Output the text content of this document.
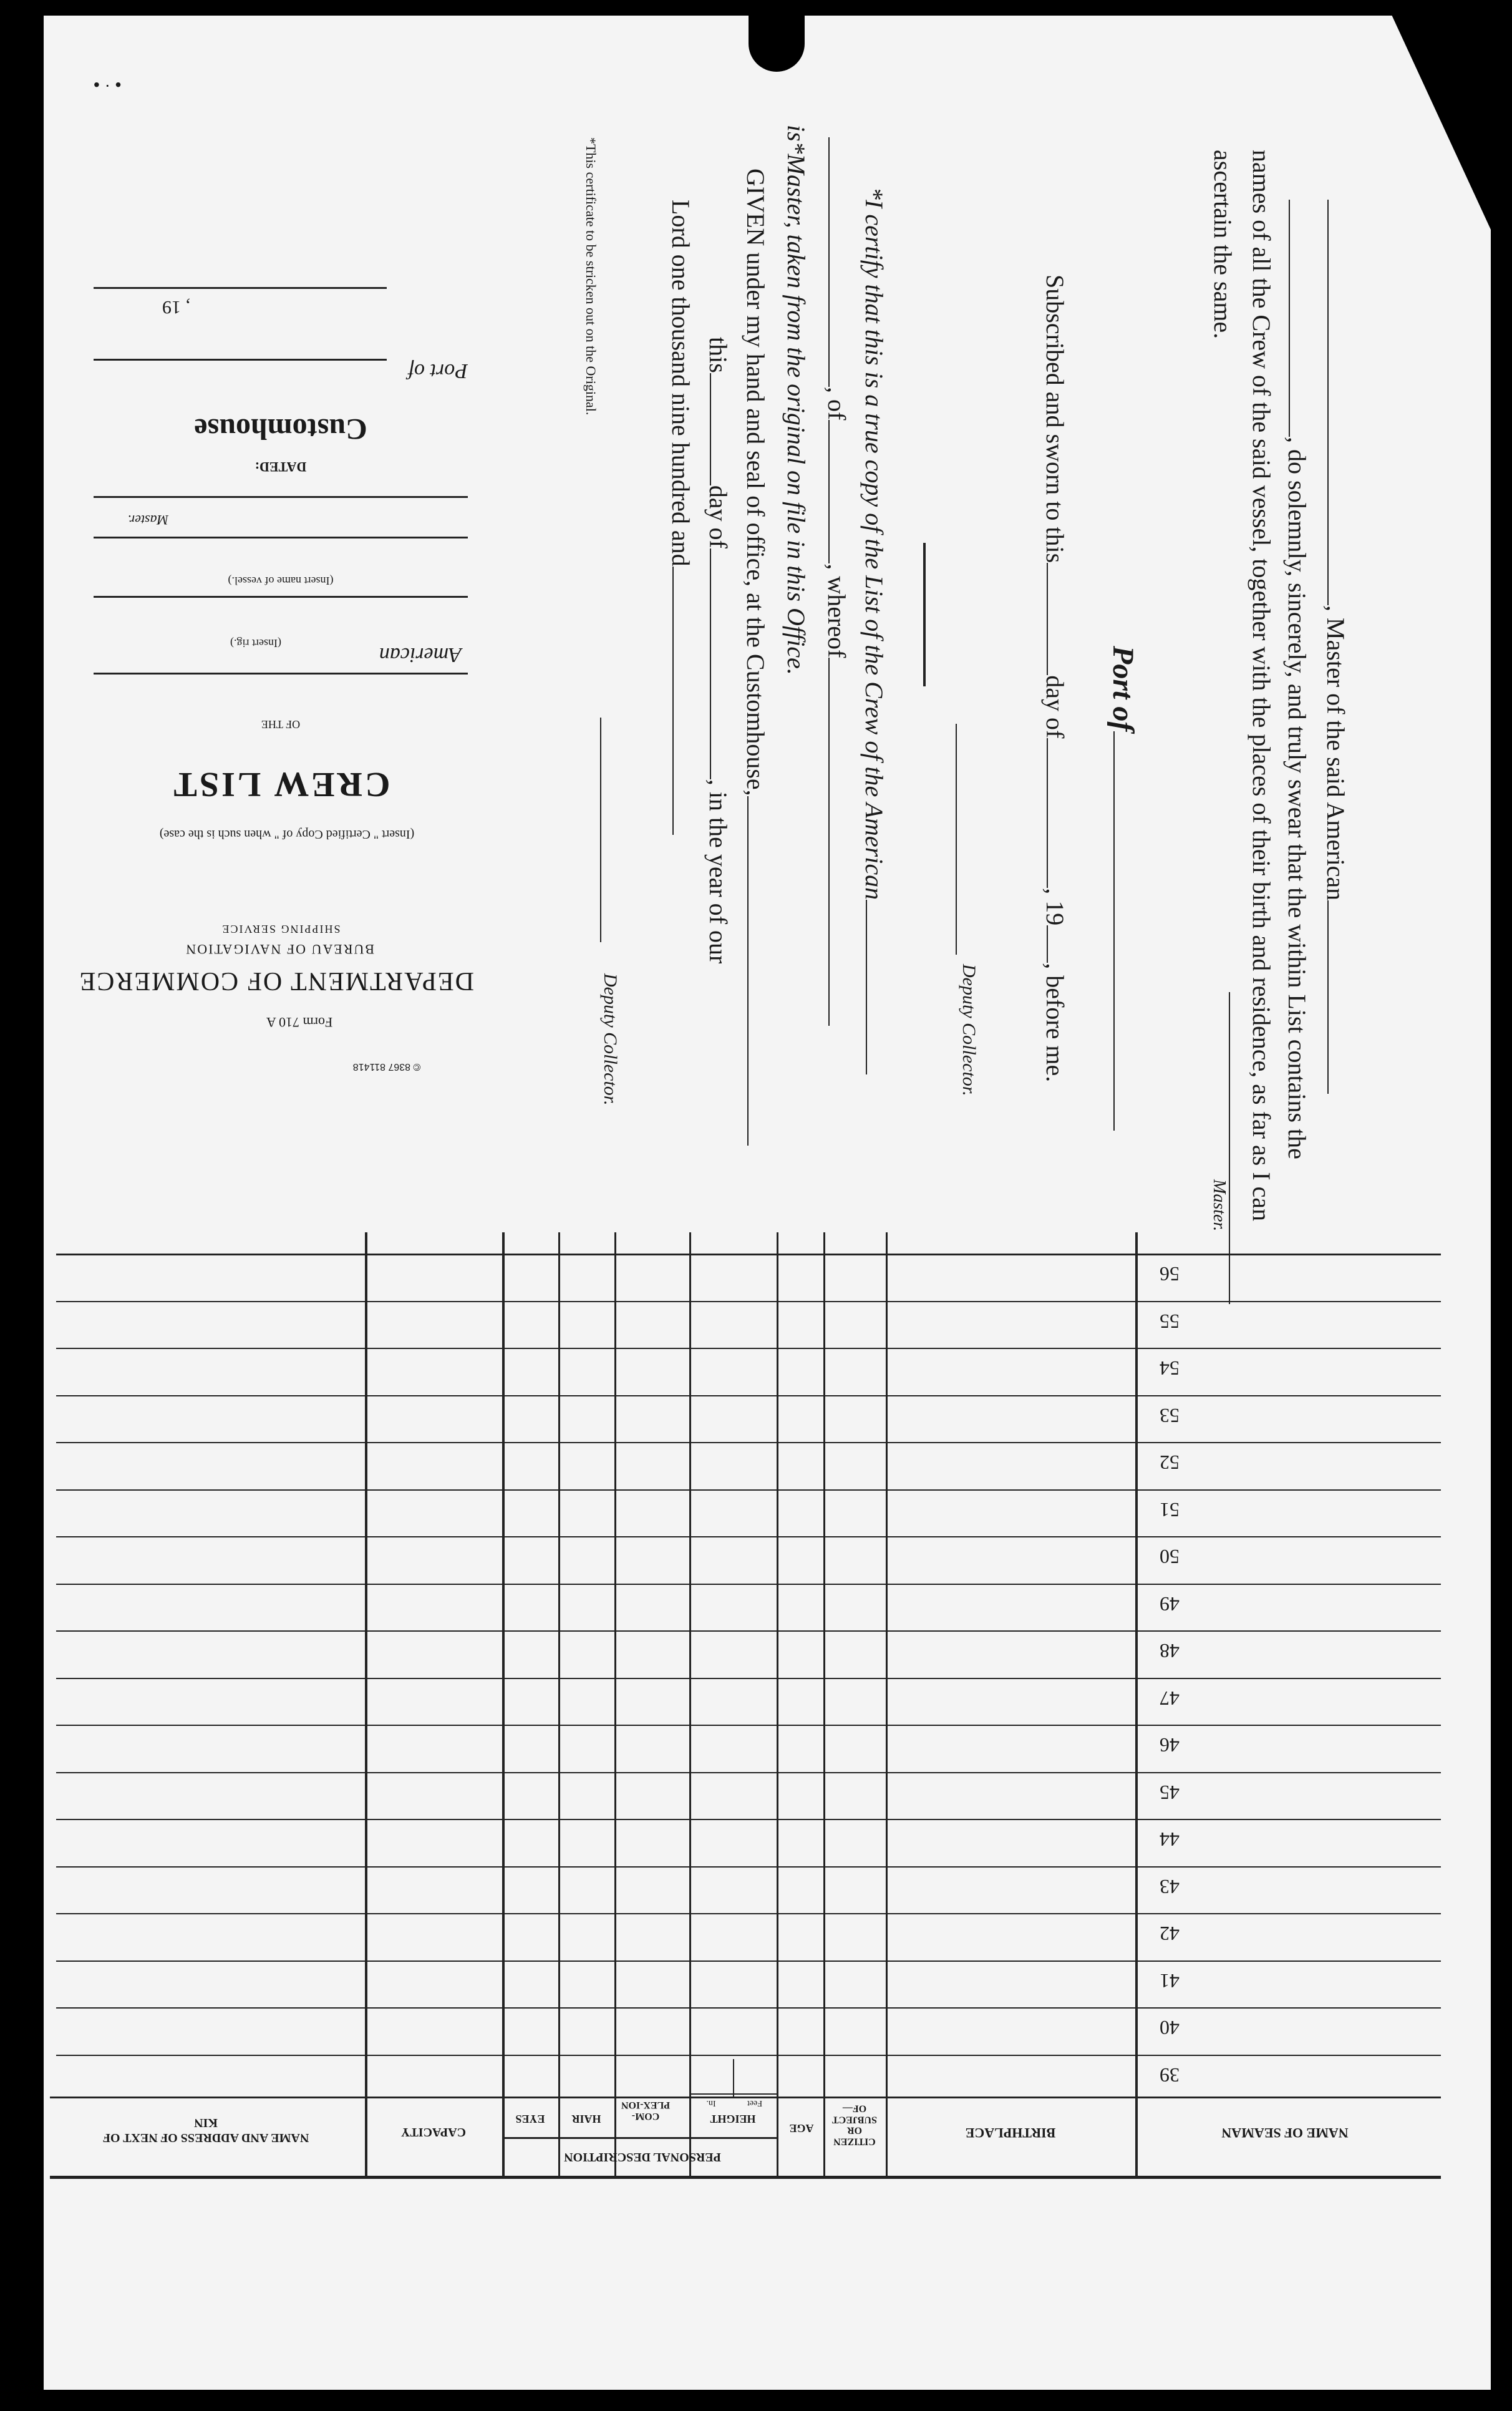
• · •
, Master of the said American
, do solemnly, sincerely, and truly swear that the within List contains the
names of all the Crew of the said vessel, together with the places of their birth and residence, as far as I can
ascertain the same.
Master.
Port of
Subscribed and sworn to thisday of, 19, before me.
Deputy Collector.
*I certify that this is a true copy of the List of the Crew of the American
, of, whereof
is*Master, taken from the original on file in this Office.
GIVEN under my hand and seal of office, at the Customhouse,
thisday of, in the year of our
Lord one thousand nine hundred and
Deputy Collector.
*This certificate to be stricken out on the Original.
© 8367 811418
Form 710 A
DEPARTMENT OF COMMERCE
BUREAU OF NAVIGATION
SHIPPING SERVICE
(Insert " Certified Copy of " when such is the case)
CREW LIST
OF THE
American
(Insert rig.)
(Insert name of vessel.)
Master.
DATED:
Customhouse
Port of
, 19
NAME OF SEAMAN
BIRTHPLACE
CITIZEN OR SUBJECT OF—
AGE
PERSONAL DESCRIPTION
HEIGHT
Feet
In.
COM-PLEX-ION
HAIR
EYES
CAPACITY
NAME AND ADDRESS OF NEXT OF KIN
39
40
41
42
43
44
45
46
47
48
49
50
51
52
53
54
55
56
